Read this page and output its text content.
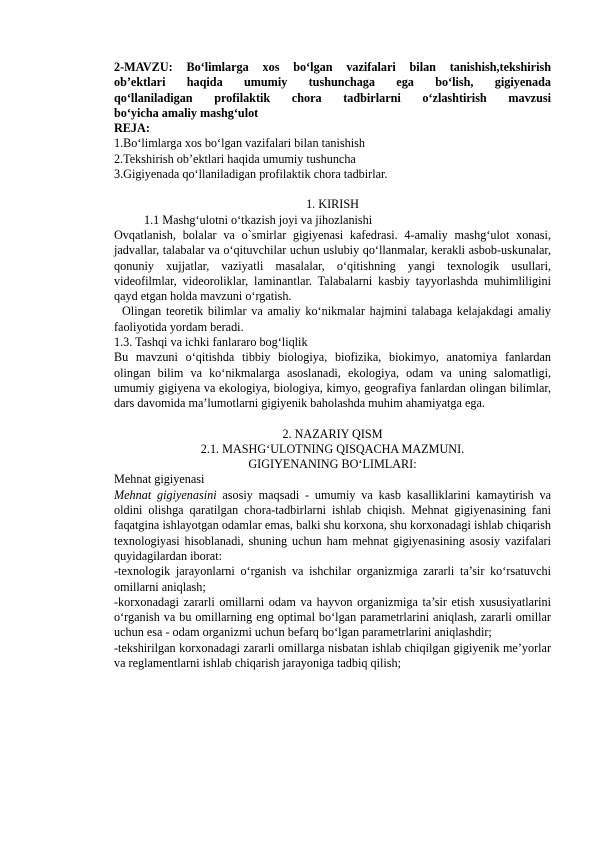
2-MAVZU: Bo‘limlarga xos bo‘lgan vazifalari bilan tanishish,tekshirish

ob’ektlari haqida umumiy tushunchaga ega bo‘lish, gigiyenada

qo‘llaniladigan profilaktik chora tadbirlarni o‘zlashtirish mavzusi

bo‘yicha amaliy mashg‘ulot

REJA:

1.Bo‘limlarga xos bo‘lgan vazifalari bilan tanishish

2.Tekshirish ob’ektlari haqida umumiy tushuncha

3.Gigiyenada qo‘llaniladigan profilaktik chora tadbirlar.

1. KIRISH

1.1 Mashg‘ulotni o‘tkazish joyi va jihozlanishi

Ovqatlanish, bolalar va o`smirlar gigiyenasi kafedrasi. 4-amaliy mashg‘ulot xonasi, jadvallar, talabalar va o‘qituvchilar uchun uslubiy qo‘llanmalar, kerakli asbob-uskunalar, qonuniy xujjatlar, vaziyatli masalalar, o‘qitishning yangi texnologik usullari, videofilmlar, videoroliklar, laminantlar. Talabalarni kasbiy tayyorlashda muhimliligini qayd etgan holda mavzuni o‘rgatish.

Olingan teoretik bilimlar va amaliy ko‘nikmalar hajmini talabaga kelajakdagi amaliy faoliyotida yordam beradi.

1.3. Tashqi va ichki fanlararo bog‘liqlik

Bu mavzuni o‘qitishda tibbiy biologiya, biofizika, biokimyo, anatomiya fanlardan olingan bilim va ko‘nikmalarga asoslanadi, ekologiya, odam va uning salomatligi, umumiy gigiyena va ekologiya, biologiya, kimyo, geografiya fanlardan olingan bilimlar, dars davomida ma’lumotlarni gigiyenik baholashda muhim ahamiyatga ega.

2. NAZARIY QISM

2.1. MASHG‘ULOTNING QISQACHA MAZMUNI.

GIGIYENANING BO‘LIMLARI:

Mehnat gigiyenasi

Mehnat gigiyenasini asosiy maqsadi - umumiy va kasb kasalliklarini kamaytirish va oldini olishga qaratilgan chora-tadbirlarni ishlab chiqish. Mehnat gigiyenasining fani faqatgina ishlayotgan odamlar emas, balki shu korxona, shu korxonadagi ishlab chiqarish texnologiyasi hisoblanadi, shuning uchun ham mehnat gigiyenasining asosiy vazifalari quyidagilardan iborat:

-texnologik jarayonlarni o‘rganish va ishchilar organizmiga zararli ta’sir ko‘rsatuvchi omillarni aniqlash;

-korxonadagi zararli omillarni odam va hayvon organizmiga ta’sir etish xususiyatlarini o‘rganish va bu omillarning eng optimal bo‘lgan parametrlarini aniqlash, zararli omillar uchun esa - odam organizmi uchun befarq bo‘lgan parametrlarini aniqlashdir;

-tekshirilgan korxonadagi zararli omillarga nisbatan ishlab chiqilgan gigiyenik me’yorlar va reglamentlarni ishlab chiqarish jarayoniga tadbiq qilish;
